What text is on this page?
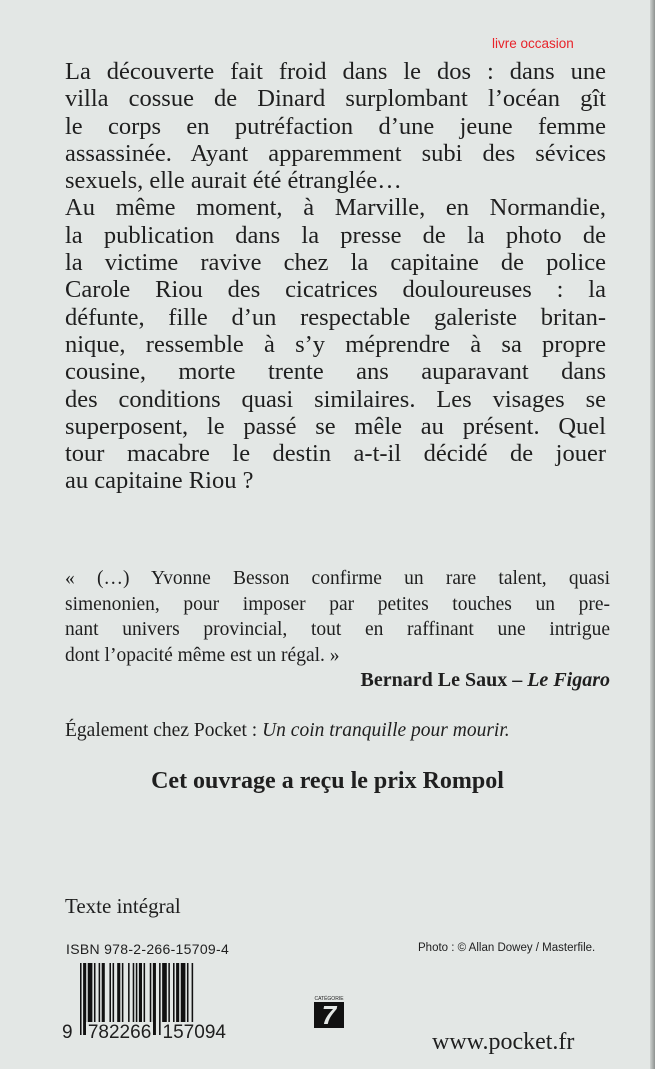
livre occasion
La découverte fait froid dans le dos : dans une
villa cossue de Dinard surplombant l’océan gît
le corps en putréfaction d’une jeune femme
assassinée. Ayant apparemment subi des sévices
sexuels, elle aurait été étranglée…
Au même moment, à Marville, en Normandie,
la publication dans la presse de la photo de
la victime ravive chez la capitaine de police
Carole Riou des cicatrices douloureuses : la
défunte, fille d’un respectable galeriste britan-
nique, ressemble à s’y méprendre à sa propre
cousine, morte trente ans auparavant dans
des conditions quasi similaires. Les visages se
superposent, le passé se mêle au présent. Quel
tour macabre le destin a-t-il décidé de jouer
au capitaine Riou ?
« (…) Yvonne Besson confirme un rare talent, quasi
simenonien, pour imposer par petites touches un pre-
nant univers provincial, tout en raffinant une intrigue
dont l’opacité même est un régal. »
Bernard Le Saux – Le Figaro
Également chez Pocket : Un coin tranquille pour mourir.
Cet ouvrage a reçu le prix Rompol
Texte intégral
ISBN 978-2-266-15709-4	Photo : © Allan Dowey / Masterfile.
9 782266 157094
CATÉGORIE
7
www.pocket.fr
